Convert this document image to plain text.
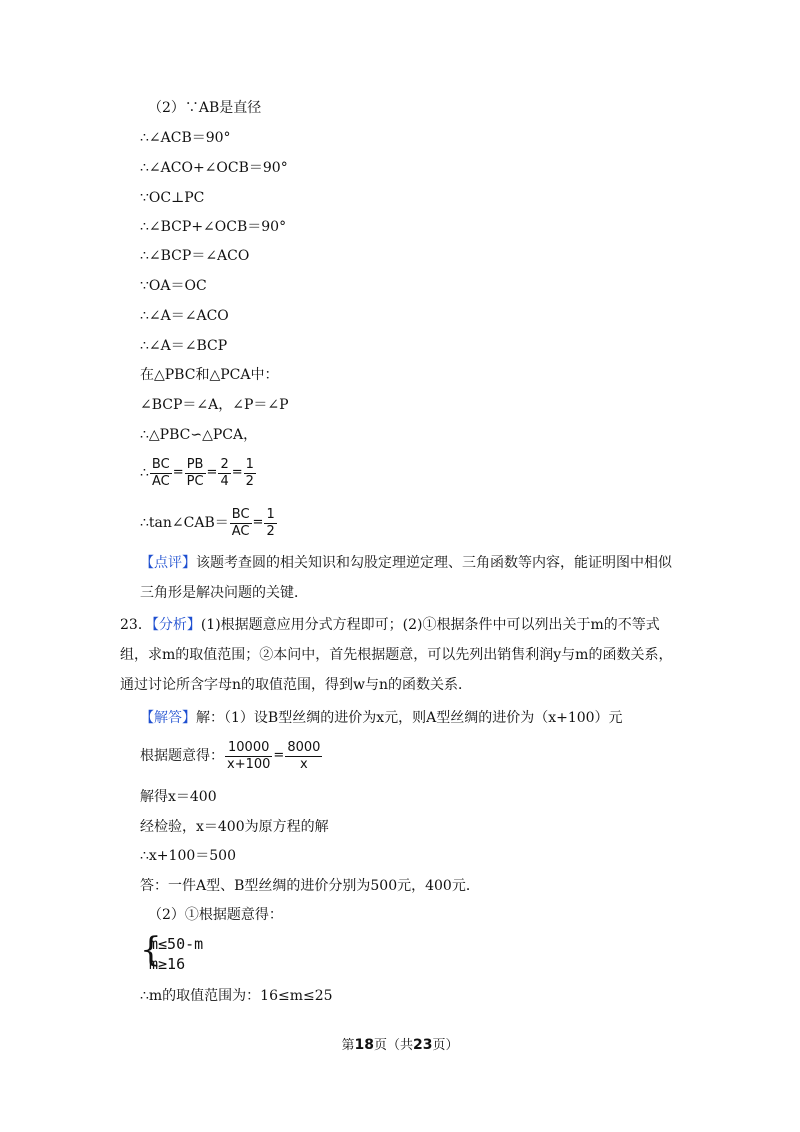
（2）∵AB是直径
∴∠ACB＝90°
∴∠ACO+∠OCB＝90°
∵OC⊥PC
∴∠BCP+∠OCB＝90°
∴∠BCP＝∠ACO
∵OA＝OC
∴∠A＝∠ACO
∴∠A＝∠BCP
在△PBC和△PCA中：
∠BCP＝∠A，∠P＝∠P
∴△PBC∽△PCA，
∴ $\frac{BC}{AC} = \frac{PB}{PC} = \frac{2}{4} = \frac{1}{2}$
∴tan∠CAB＝ $\frac{BC}{AC} = \frac{1}{2}$
【点评】该题考查圆的相关知识和勾股定理逆定理、三角函数等内容，能证明图中相似三角形是解决问题的关键．
23．【分析】(1)根据题意应用分式方程即可；(2)①根据条件中可以列出关于m的不等式组，求m的取值范围；②本问中，首先根据题意，可以先列出销售利润y与m的函数关系，通过讨论所含字母n的取值范围，得到w与n的函数关系．
【解答】解：（1）设B型丝绸的进价为x元，则A型丝绸的进价为（x+100）元
根据题意得： $\frac{10000}{x+100} = \frac{8000}{x}$
解得x＝400
经检验，x＝400为原方程的解
∴x+100＝500
答：一件A型、B型丝绸的进价分别为500元，400元．
（2）①根据题意得：
{
m≤50-m
m≥16
∴m的取值范围为：16≤m≤25
第18页（共23页）
